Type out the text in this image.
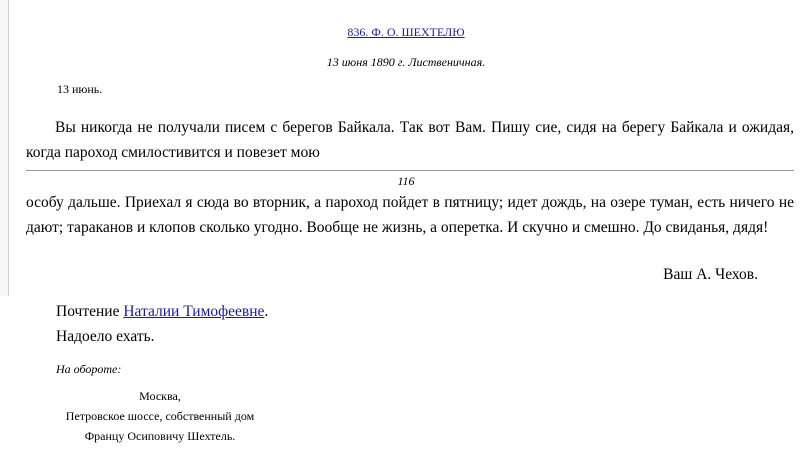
836. Ф. О. ШЕХТЕЛЮ
13 июня 1890 г. Лиственичная.
13 июнь.
Вы никогда не получали писем с берегов Байкала. Так вот Вам. Пишу сие, сидя на берегу Байкала и ожидая, когда пароход смилостивится и повезет мою
116
особу дальше. Приехал я сюда во вторник, а пароход пойдет в пятницу; идет дождь, на озере туман, есть ничего не дают; тараканов и клопов сколько угодно. Вообще не жизнь, а оперетка. И скучно и смешно. До свиданья, дядя!
Ваш А. Чехов.
Почтение Наталии Тимофеевне.
Надоело ехать.
На обороте:
Москва,
Петровское шоссе, собственный дом
Францу Осиповичу Шехтель.
